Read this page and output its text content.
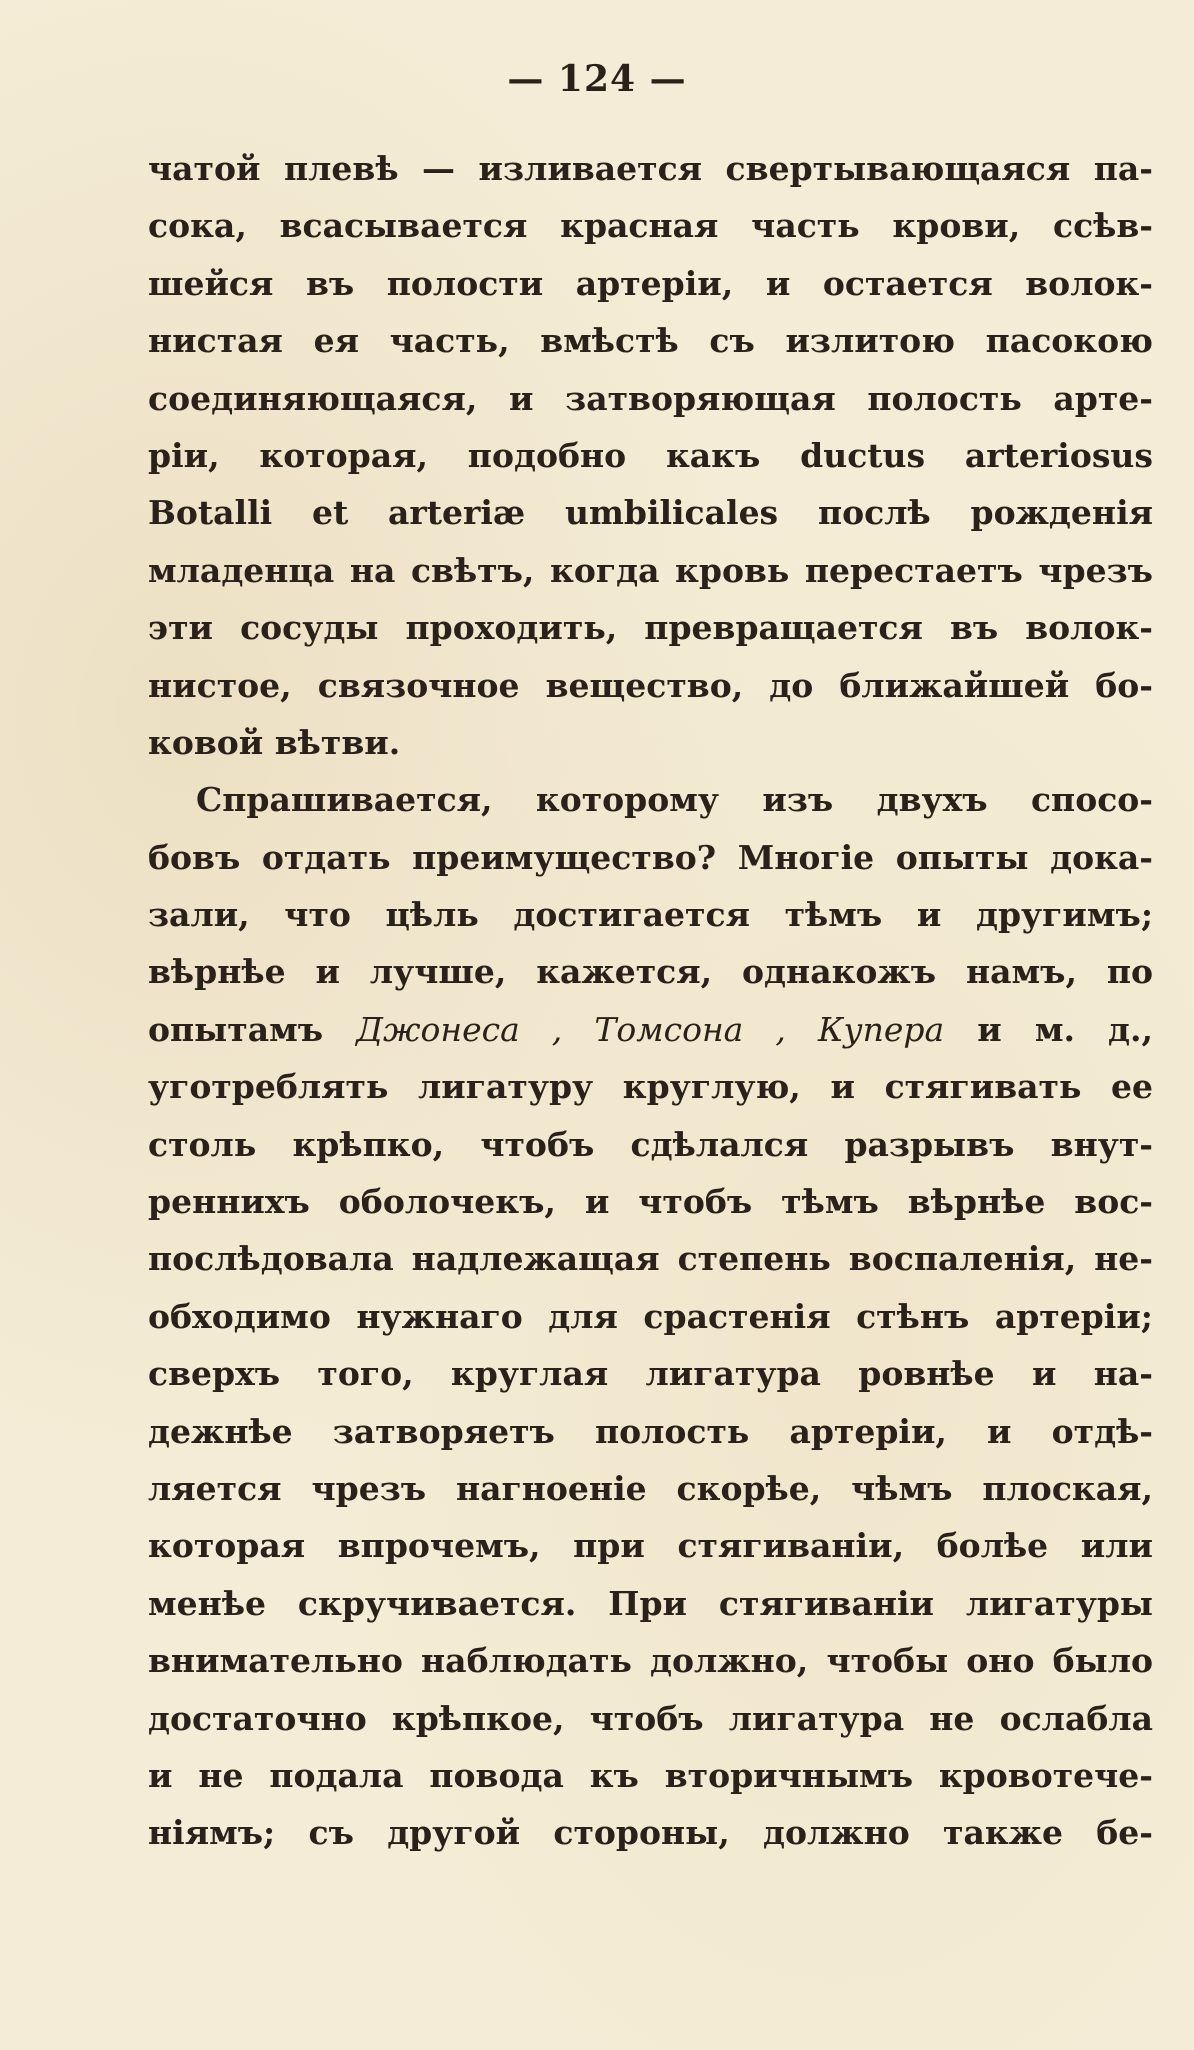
— 124 —
чатой плевѣ — изливается свертывающаяся па-
сока, всасывается красная часть крови, ссѣв-
шейся въ полости артерiи, и остается волок-
нистая ея часть, вмѣстѣ съ излитою пасокою
соединяющаяся, и затворяющая полость арте-
рiи, которая, подобно какъ ductus arteriosus
Botalli et arteriæ umbilicales послѣ рожденiя
младенца на свѣтъ, когда кровь перестаетъ чрезъ
эти сосуды проходить, превращается въ волок-
нистое, связочное вещество, до ближайшей бо-
ковой вѣтви.
Спрашивается, которому изъ двухъ спосо-
бовъ отдать преимущество? Многiе опыты дока-
зали, что цѣль достигается тѣмъ и другимъ;
вѣрнѣе и лучше, кажется, однакожъ намъ, по
опытамъ Джонеса , Томсона , Купера и м. д.,
уготреблять лигатуру круглую, и стягивать ее
столь крѣпко, чтобъ сдѣлался разрывъ внут-
реннихъ оболочекъ, и чтобъ тѣмъ вѣрнѣе вос-
послѣдовала надлежащая степень воспаленiя, не-
обходимо нужнаго для срастенiя стѣнъ артерiи;
сверхъ того, круглая лигатура ровнѣе и на-
дежнѣе затворяетъ полость артерiи, и отдѣ-
ляется чрезъ нагноенiе скорѣе, чѣмъ плоская,
которая впрочемъ, при стягиванiи, болѣе или
менѣе скручивается. При стягиванiи лигатуры
внимательно наблюдать должно, чтобы оно было
достаточно крѣпкое, чтобъ лигатура не ослабла
и не подала повода къ вторичнымъ кровотече-
нiямъ; съ другой стороны, должно также бе-
